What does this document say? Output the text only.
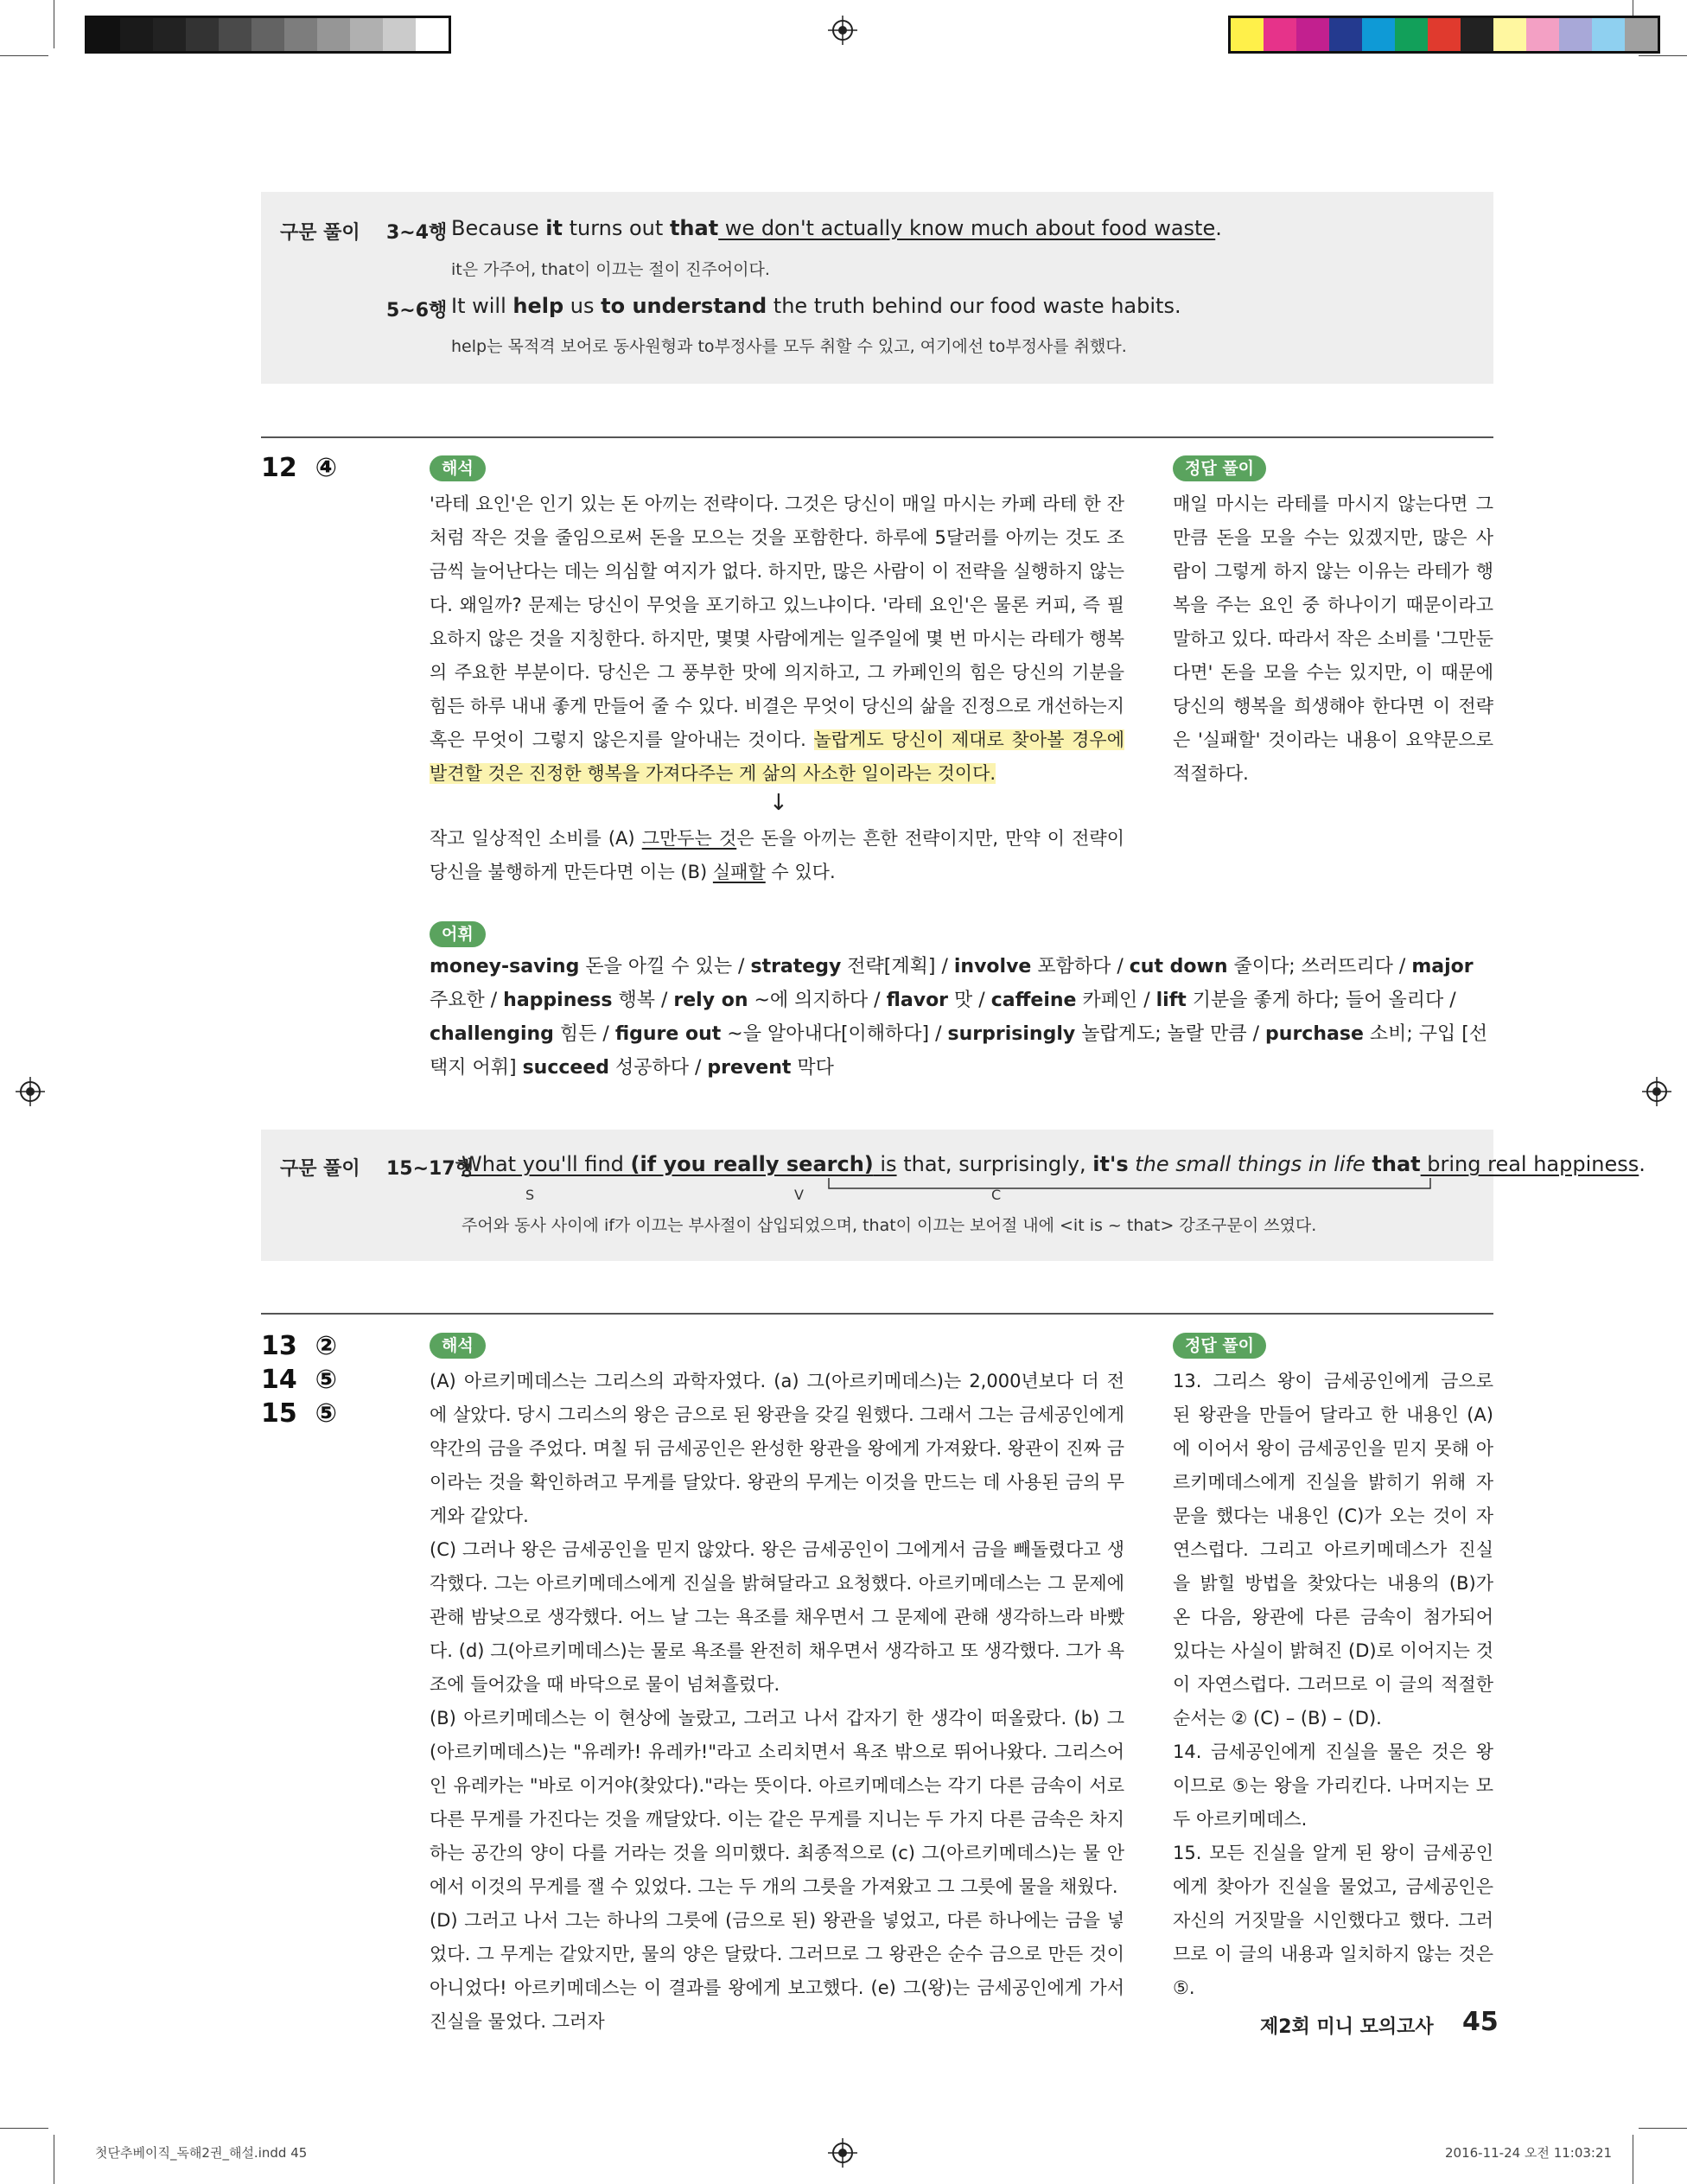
구문 풀이 3~4행 Because it turns out that we don't actually know much about food waste.
it은 가주어, that이 이끄는 절이 진주어이다.
5~6행 It will help us to understand the truth behind our food waste habits.
help는 목적격 보어로 동사원형과 to부정사를 모두 취할 수 있고, 여기에선 to부정사를 취했다.
12 ④	해석
'라테 요인'은 인기 있는 돈 아끼는 전략이다. 그것은 당신이 매일 마시는 카페 라테 한 잔처럼 작은 것을 줄임으로써 돈을 모으는 것을 포함한다. 하루에 5달러를 아끼는 것도 조금씩 늘어난다는 데는 의심할 여지가 없다. 하지만, 많은 사람이 이 전략을 실행하지 않는다. 왜일까? 문제는 당신이 무엇을 포기하고 있느냐이다. '라테 요인'은 물론 커피, 즉 필요하지 않은 것을 지칭한다. 하지만, 몇몇 사람에게는 일주일에 몇 번 마시는 라테가 행복의 주요한 부분이다. 당신은 그 풍부한 맛에 의지하고, 그 카페인의 힘은 당신의 기분을 힘든 하루 내내 좋게 만들어 줄 수 있다. 비결은 무엇이 당신의 삶을 진정으로 개선하는지 혹은 무엇이 그렇지 않은지를 알아내는 것이다. 놀랍게도 당신이 제대로 찾아볼 경우에 발견할 것은 진정한 행복을 가져다주는 게 삶의 사소한 일이라는 것이다.
↓
작고 일상적인 소비를 (A) 그만두는 것은 돈을 아끼는 흔한 전략이지만, 만약 이 전략이 당신을 불행하게 만든다면 이는 (B) 실패할 수 있다.
정답 풀이
매일 마시는 라테를 마시지 않는다면 그만큼 돈을 모을 수는 있겠지만, 많은 사람이 그렇게 하지 않는 이유는 라테가 행복을 주는 요인 중 하나이기 때문이라고 말하고 있다. 따라서 작은 소비를 '그만둔다면' 돈을 모을 수는 있지만, 이 때문에 당신의 행복을 희생해야 한다면 이 전략은 '실패할' 것이라는 내용이 요약문으로 적절하다.
어휘
money-saving 돈을 아낄 수 있는 / strategy 전략[계획] / involve 포함하다 / cut down 줄이다; 쓰러뜨리다 / major 주요한 / happiness 행복 / rely on ~에 의지하다 / flavor 맛 / caffeine 카페인 / lift 기분을 좋게 하다; 들어 올리다 / challenging 힘든 / figure out ~을 알아내다[이해하다] / surprisingly 놀랍게도; 놀랄 만큼 / purchase 소비; 구입 [선택지 어휘] succeed 성공하다 / prevent 막다
구문 풀이 15~17행
What you'll find (if you really search) is that, surprisingly, it's the small things in life that bring real happiness.
S	V	C
주어와 동사 사이에 if가 이끄는 부사절이 삽입되었으며, that이 이끄는 보어절 내에 <it is ~ that> 강조구문이 쓰였다.
13 ②
14 ⑤
15 ⑤
해석
(A) 아르키메데스는 그리스의 과학자였다. (a) 그(아르키메데스)는 2,000년보다 더 전에 살았다. 당시 그리스의 왕은 금으로 된 왕관을 갖길 원했다. 그래서 그는 금세공인에게 약간의 금을 주었다. 며칠 뒤 금세공인은 완성한 왕관을 왕에게 가져왔다. 왕관이 진짜 금이라는 것을 확인하려고 무게를 달았다. 왕관의 무게는 이것을 만드는 데 사용된 금의 무게와 같았다.
(C) 그러나 왕은 금세공인을 믿지 않았다. 왕은 금세공인이 그에게서 금을 빼돌렸다고 생각했다. 그는 아르키메데스에게 진실을 밝혀달라고 요청했다. 아르키메데스는 그 문제에 관해 밤낮으로 생각했다. 어느 날 그는 욕조를 채우면서 그 문제에 관해 생각하느라 바빴다. (d) 그(아르키메데스)는 물로 욕조를 완전히 채우면서 생각하고 또 생각했다. 그가 욕조에 들어갔을 때 바닥으로 물이 넘쳐흘렀다.
(B) 아르키메데스는 이 현상에 놀랐고, 그러고 나서 갑자기 한 생각이 떠올랐다. (b) 그(아르키메데스)는 "유레카! 유레카!"라고 소리치면서 욕조 밖으로 뛰어나왔다. 그리스어인 유레카는 "바로 이거야(찾았다)."라는 뜻이다. 아르키메데스는 각기 다른 금속이 서로 다른 무게를 가진다는 것을 깨달았다. 이는 같은 무게를 지니는 두 가지 다른 금속은 차지하는 공간의 양이 다를 거라는 것을 의미했다. 최종적으로 (c) 그(아르키메데스)는 물 안에서 이것의 무게를 잴 수 있었다. 그는 두 개의 그릇을 가져왔고 그 그릇에 물을 채웠다.
(D) 그러고 나서 그는 하나의 그릇에 (금으로 된) 왕관을 넣었고, 다른 하나에는 금을 넣었다. 그 무게는 같았지만, 물의 양은 달랐다. 그러므로 그 왕관은 순수 금으로 만든 것이 아니었다! 아르키메데스는 이 결과를 왕에게 보고했다. (e) 그(왕)는 금세공인에게 가서 진실을 물었다. 그러자
정답 풀이
13. 그리스 왕이 금세공인에게 금으로 된 왕관을 만들어 달라고 한 내용인 (A)에 이어서 왕이 금세공인을 믿지 못해 아르키메데스에게 진실을 밝히기 위해 자문을 했다는 내용인 (C)가 오는 것이 자연스럽다. 그리고 아르키메데스가 진실을 밝힐 방법을 찾았다는 내용의 (B)가 온 다음, 왕관에 다른 금속이 첨가되어 있다는 사실이 밝혀진 (D)로 이어지는 것이 자연스럽다. 그러므로 이 글의 적절한 순서는 ② (C) – (B) – (D).
14. 금세공인에게 진실을 물은 것은 왕이므로 ⑤는 왕을 가리킨다. 나머지는 모두 아르키메데스.
15. 모든 진실을 알게 된 왕이 금세공인에게 찾아가 진실을 물었고, 금세공인은 자신의 거짓말을 시인했다고 했다. 그러므로 이 글의 내용과 일치하지 않는 것은 ⑤.
제2회 미니 모의고사 45
첫단추베이직_독해2권_해설.indd 45	2016-11-24 오전 11:03:21
